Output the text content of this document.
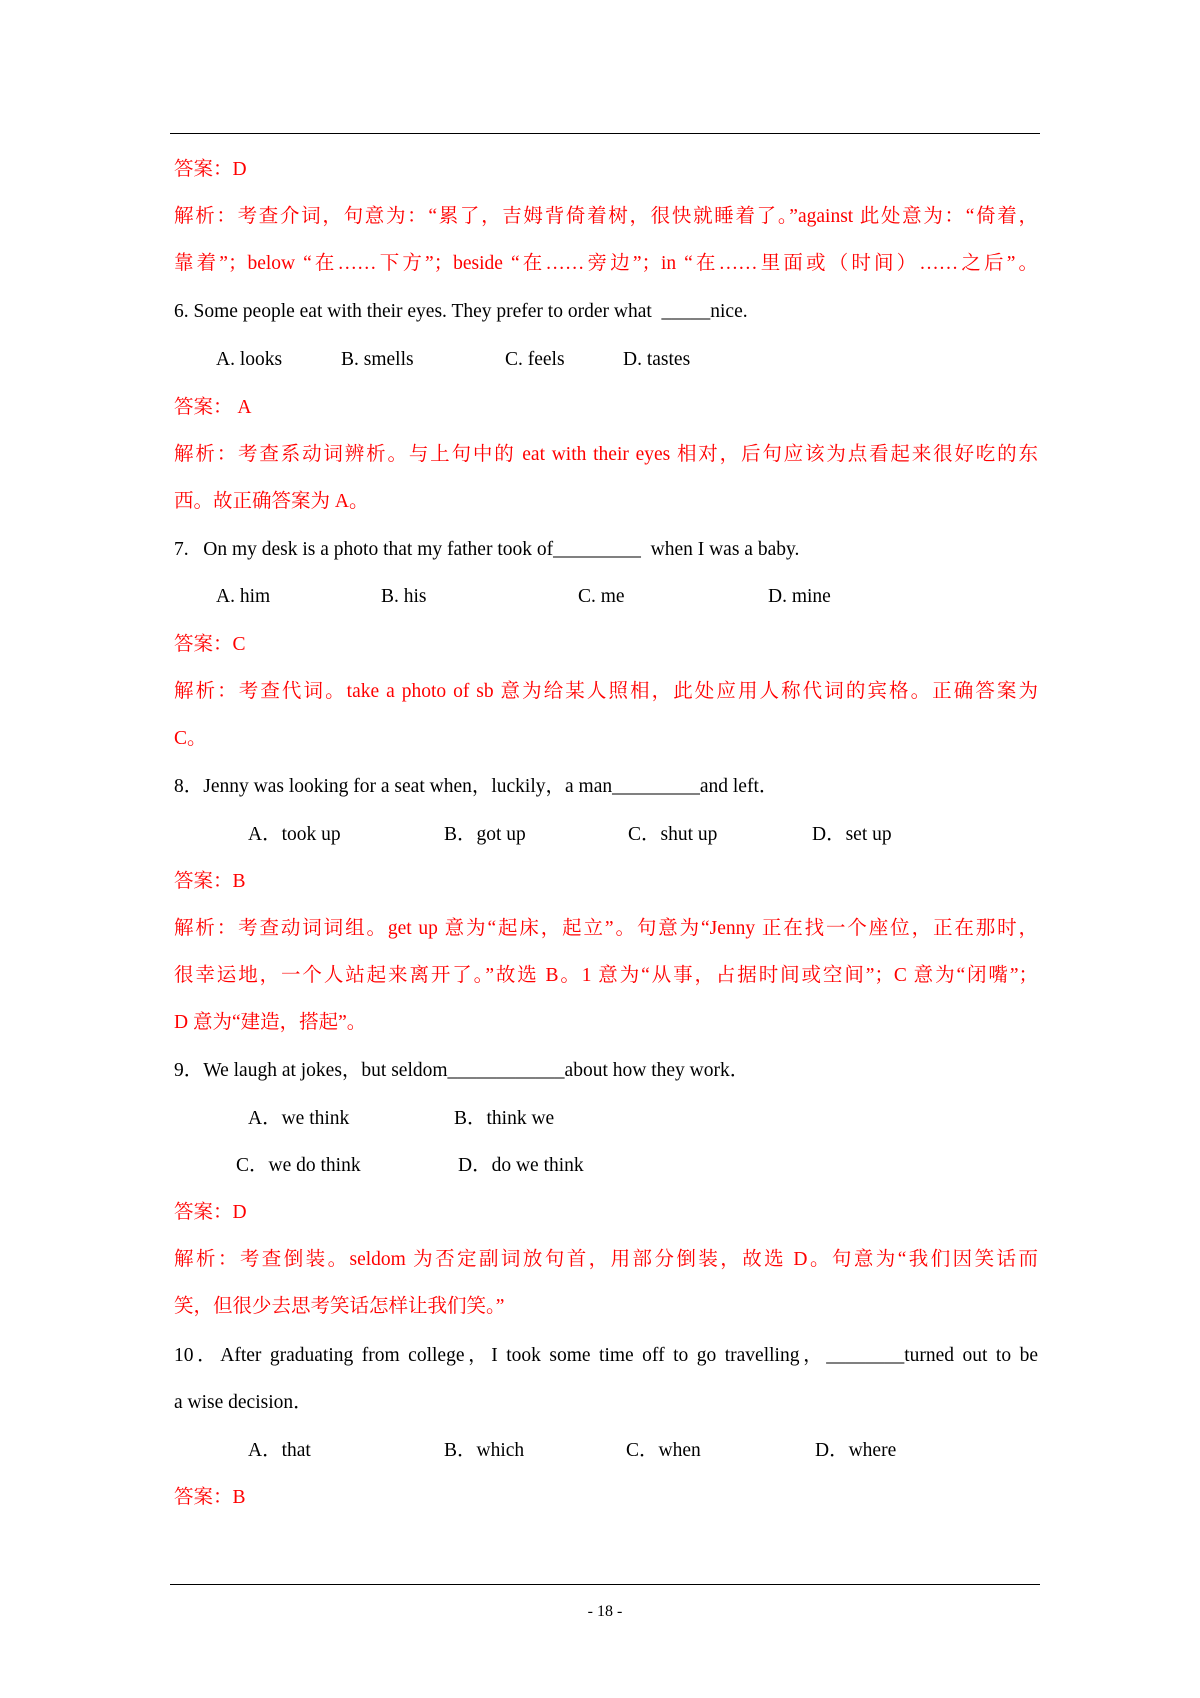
答案：D
解析：考查介词，句意为：“累了，吉姆背倚着树，很快就睡着了。”against 此处意为：“倚着，
靠着”；below “在……下方”；beside “在……旁边”；in “在……里面或（时间）……之后”。
6. Some people eat with their eyes. They prefer to order what  _____nice.
A. looks	B. smells	C. feels	D. tastes
答案： A
解析：考查系动词辨析。与上句中的 eat with their eyes 相对，后句应该为点看起来很好吃的东
西。故正确答案为 A。
7.   On my desk is a photo that my father took of_________  when I was a baby.
A. him	B. his	C. me	D. mine
答案：C
解析：考查代词。take a photo of sb 意为给某人照相，此处应用人称代词的宾格。正确答案为
C。
8．Jenny was looking for a seat when，luckily，a man_________and left．
A．took up	B．got up	C．shut up	D．set up
答案：B
解析：考查动词词组。get up 意为“起床，起立”。句意为“Jenny 正在找一个座位，正在那时，
很幸运地，一个人站起来离开了。”故选 B。1 意为“从事，占据时间或空间”；C 意为“闭嘴”；
D 意为“建造，搭起”。
9．We laugh at jokes，but seldom____________about how they work．
A．we think	B．think we
C．we do think	D．do we think
答案：D
解析：考查倒装。seldom 为否定副词放句首，用部分倒装，故选 D。句意为“我们因笑话而
笑，但很少去思考笑话怎样让我们笑。”
10．After graduating from college，I took some time off to go travelling，________turned out to be
a wise decision．
A．that	B．which	C．when	D．where
答案：B
- 18 -
